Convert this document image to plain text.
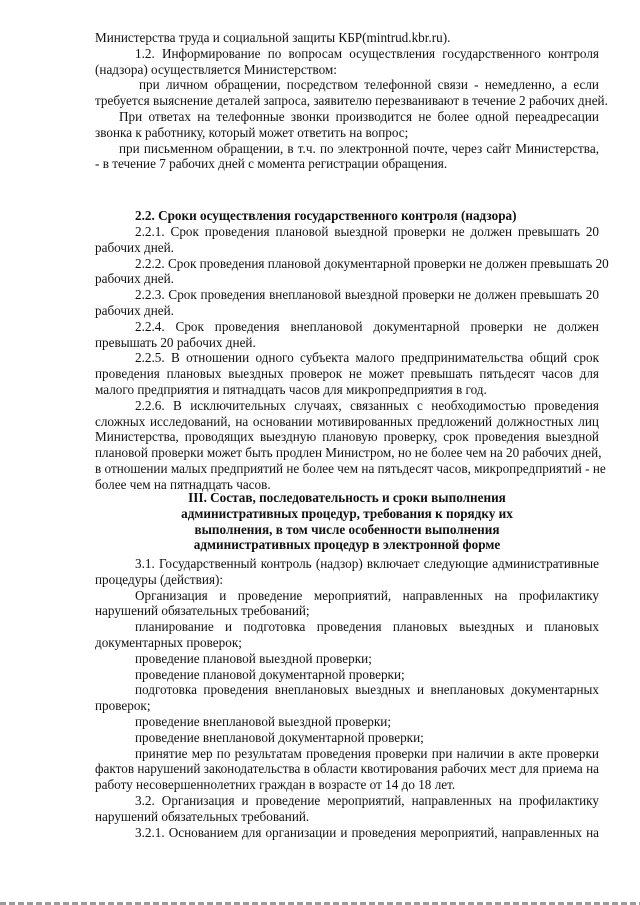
Министерства труда и социальной защиты КБР(mintrud.kbr.ru).
1.2. Информирование по вопросам осуществления государственного контроля
(надзора) осуществляется Министерством:
при личном обращении, посредством телефонной связи - немедленно, а если
требуется выяснение деталей запроса, заявителю перезванивают в течение 2 рабочих дней.
При ответах на телефонные звонки производится не более одной переадресации
звонка к работнику, который может ответить на вопрос;
при письменном обращении, в т.ч. по электронной почте, через сайт Министерства,
- в течение 7 рабочих дней с момента регистрации обращения.
2.2. Сроки осуществления государственного контроля (надзора)
2.2.1. Срок проведения плановой выездной проверки не должен превышать 20
рабочих дней.
2.2.2. Срок проведения плановой документарной проверки не должен превышать 20
рабочих дней.
2.2.3. Срок проведения внеплановой выездной проверки не должен превышать 20
рабочих дней.
2.2.4. Срок проведения внеплановой документарной проверки не должен
превышать 20 рабочих дней.
2.2.5. В отношении одного субъекта малого предпринимательства общий срок
проведения плановых выездных проверок не может превышать пятьдесят часов для
малого предприятия и пятнадцать часов для микропредприятия в год.
2.2.6. В исключительных случаях, связанных с необходимостью проведения
сложных исследований, на основании мотивированных предложений должностных лиц
Министерства, проводящих выездную плановую проверку, срок проведения выездной
плановой проверки может быть продлен Министром, но не более чем на 20 рабочих дней,
в отношении малых предприятий не более чем на пятьдесят часов, микропредприятий - не
более чем на пятнадцать часов.
III. Состав, последовательность и сроки выполнения
административных процедур, требования к порядку их
выполнения, в том числе особенности выполнения
административных процедур в электронной форме
3.1. Государственный контроль (надзор) включает следующие административные
процедуры (действия):
Организация и проведение мероприятий, направленных на профилактику
нарушений обязательных требований;
планирование и подготовка проведения плановых выездных и плановых
документарных проверок;
проведение плановой выездной проверки;
проведение плановой документарной проверки;
подготовка проведения внеплановых выездных и внеплановых документарных
проверок;
проведение внеплановой выездной проверки;
проведение внеплановой документарной проверки;
принятие мер по результатам проведения проверки при наличии в акте проверки
фактов нарушений законодательства в области квотирования рабочих мест для приема на
работу несовершеннолетних граждан в возрасте от 14 до 18 лет.
3.2. Организация и проведение мероприятий, направленных на профилактику
нарушений обязательных требований.
3.2.1. Основанием для организации и проведения мероприятий, направленных на
